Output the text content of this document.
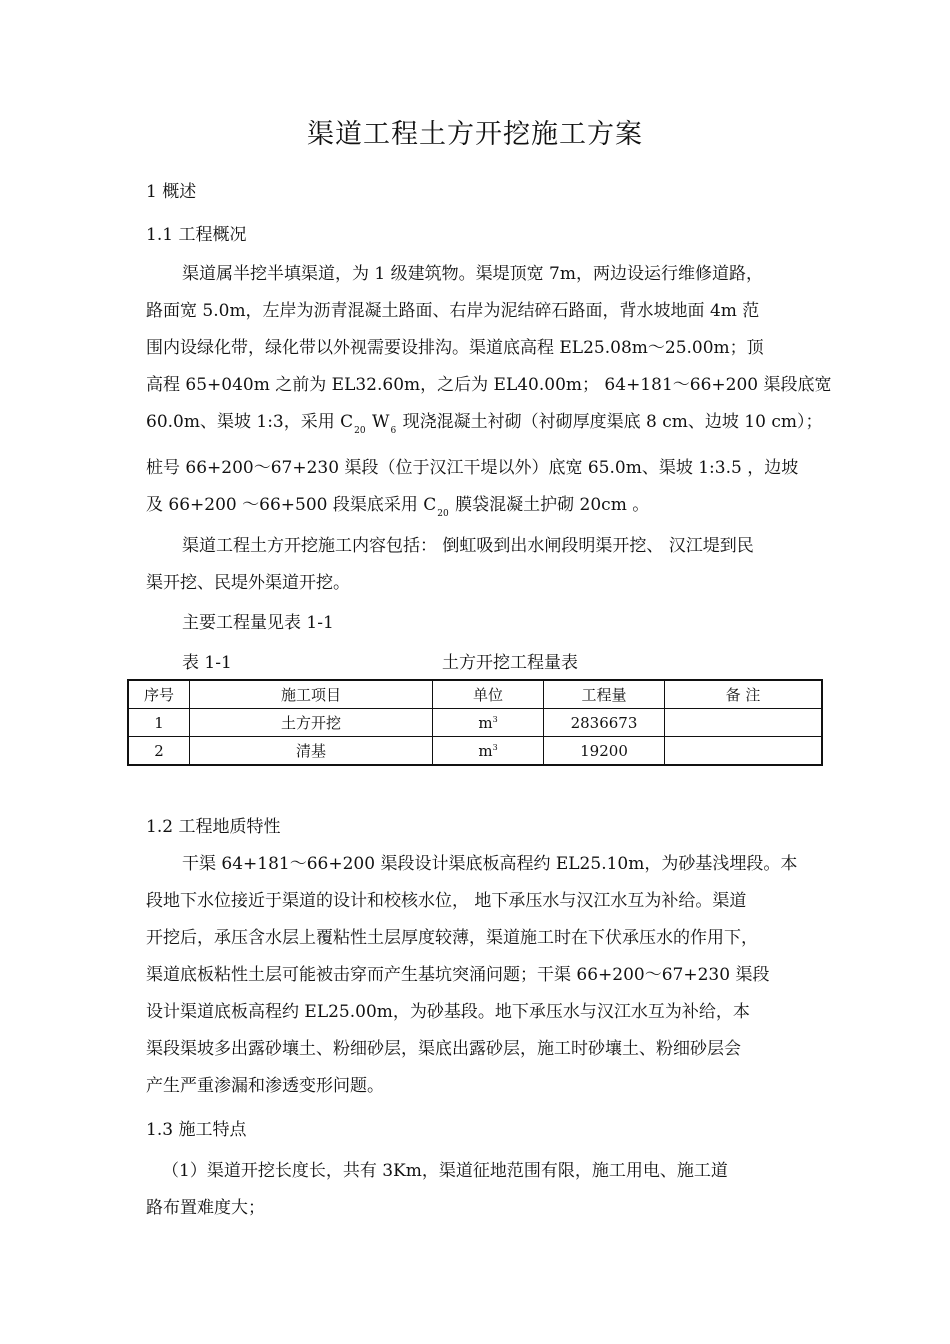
渠道工程土方开挖施工方案
1 概述
1.1 工程概况
渠道属半挖半填渠道，为 1 级建筑物。渠堤顶宽 7m，两边设运行维修道路，
路面宽 5.0m，左岸为沥青混凝土路面、右岸为泥结碎石路面，背水坡地面 4m 范
围内设绿化带，绿化带以外视需要设排沟。渠道底高程 EL25.08m～25.00m；顶
高程 65+040m 之前为 EL32.60m，之后为 EL40.00m； 64+181～66+200 渠段底宽
60.0m、渠坡 1:3，采用 $C_{20}$ $W_6$ 现浇混凝土衬砌（衬砌厚度渠底 8 cm、边坡 10 cm）；
桩号 66+200～67+230 渠段（位于汉江干堤以外）底宽 65.0m、渠坡 1:3.5 ，边坡
及 66+200 ～66+500 段渠底采用 $C_{20}$ 膜袋混凝土护砌 20cm 。
渠道工程土方开挖施工内容包括： 倒虹吸到出水闸段明渠开挖、 汉江堤到民
渠开挖、民堤外渠道开挖。
主要工程量见表 1-1
表 1-1	土方开挖工程量表
序号	施工项目	单位	工程量	备 注
1	土方开挖	$m^3$	2836673	
2	清基	$m^3$	19200	
1.2 工程地质特性
干渠 64+181～66+200 渠段设计渠底板高程约 EL25.10m，为砂基浅埋段。本
段地下水位接近于渠道的设计和校核水位， 地下承压水与汉江水互为补给。渠道
开挖后，承压含水层上覆粘性土层厚度较薄，渠道施工时在下伏承压水的作用下，
渠道底板粘性土层可能被击穿而产生基坑突涌问题；干渠 66+200～67+230 渠段
设计渠道底板高程约 EL25.00m，为砂基段。地下承压水与汉江水互为补给，本
渠段渠坡多出露砂壤土、粉细砂层，渠底出露砂层，施工时砂壤土、粉细砂层会
产生严重渗漏和渗透变形问题。
1.3 施工特点
（1）渠道开挖长度长，共有 3Km，渠道征地范围有限，施工用电、施工道
路布置难度大；
